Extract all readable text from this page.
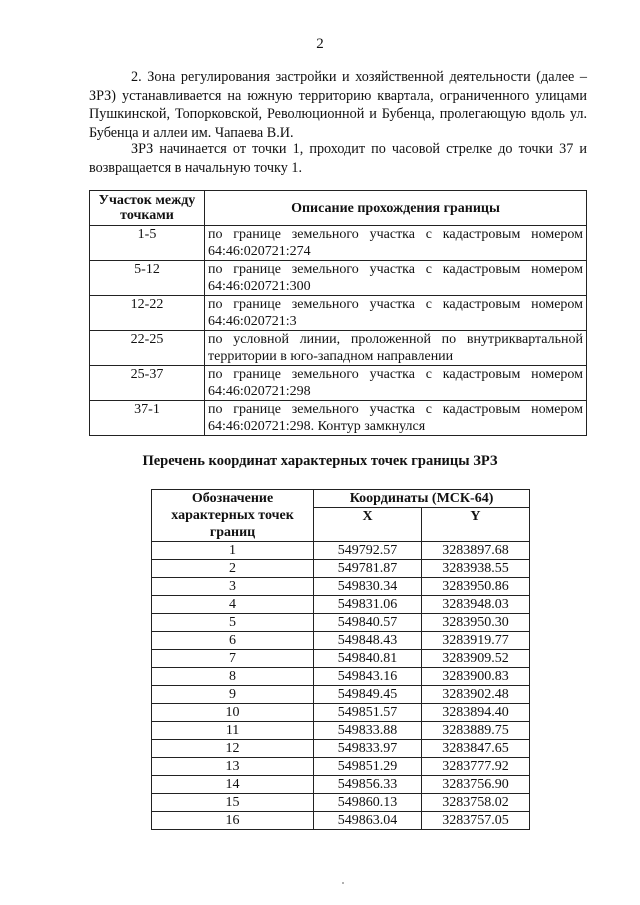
2

2. Зона регулирования застройки и хозяйственной деятельности (далее – ЗРЗ) устанавливается на южную территорию квартала, ограниченного улицами Пушкинской, Топорковской, Революционной и Бубенца, пролегающую вдоль ул. Бубенца и аллеи им. Чапаева В.И.

ЗРЗ начинается от точки 1, проходит по часовой стрелке до точки 37 и возвращается в начальную точку 1.

Участок между точками	Описание прохождения границы
1-5	по границе земельного участка с кадастровым номером 64:46:020721:274
5-12	по границе земельного участка с кадастровым номером 64:46:020721:300
12-22	по границе земельного участка с кадастровым номером 64:46:020721:3
22-25	по условной линии, проложенной по внутриквартальной территории в юго-западном направлении
25-37	по границе земельного участка с кадастровым номером 64:46:020721:298
37-1	по границе земельного участка с кадастровым номером 64:46:020721:298. Контур замкнулся
Перечень координат характерных точек границы ЗРЗ
Обозначение характерных точек границ	Координаты (МСК-64)	
	X	Y
1	549792.57	3283897.68
2	549781.87	3283938.55
3	549830.34	3283950.86
4	549831.06	3283948.03
5	549840.57	3283950.30
6	549848.43	3283919.77
7	549840.81	3283909.52
8	549843.16	3283900.83
9	549849.45	3283902.48
10	549851.57	3283894.40
11	549833.88	3283889.75
12	549833.97	3283847.65
13	549851.29	3283777.92
14	549856.33	3283756.90
15	549860.13	3283758.02
16	549863.04	3283757.05
